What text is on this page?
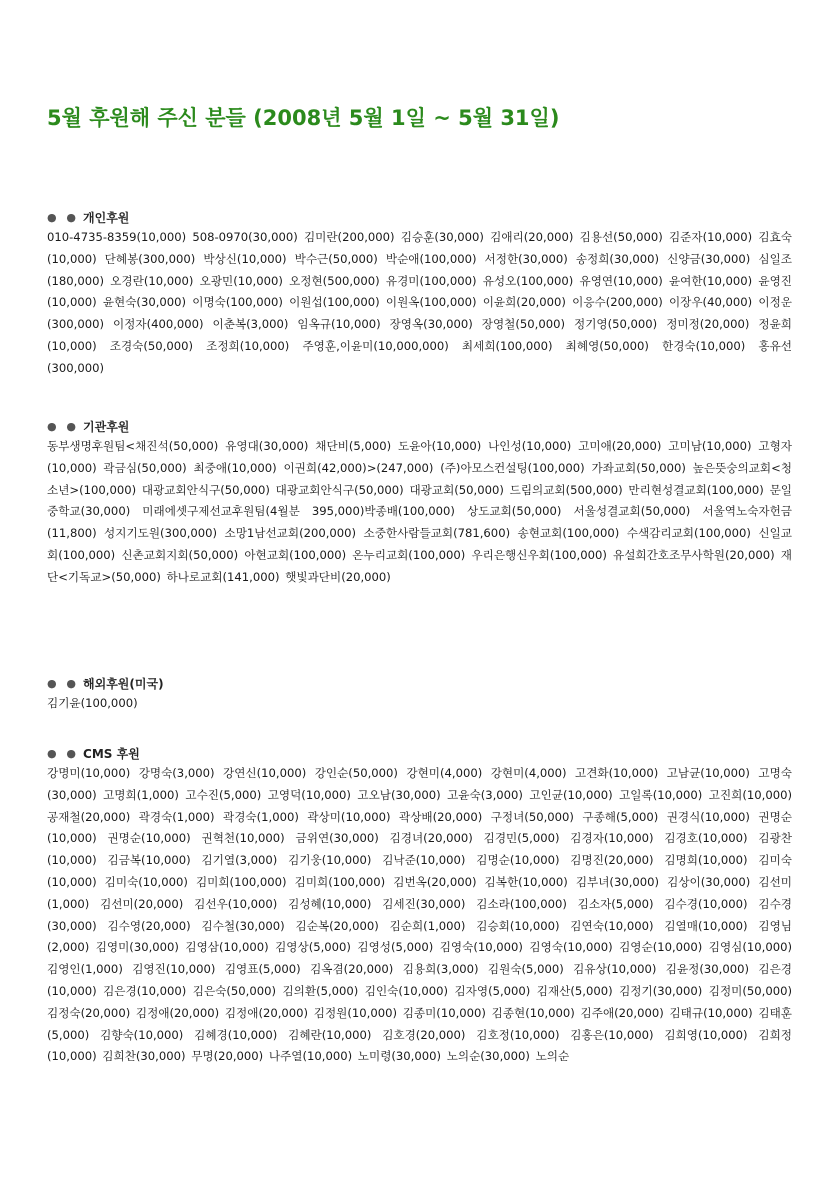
5월 후원해 주신 분들 (2008년 5월 1일 ~ 5월 31일)
● ● 개인후원
010-4735-8359(10,000) 508-0970(30,000) 김미란(200,000) 김승훈(30,000) 김애리(20,000) 김용선(50,000) 김준자(10,000) 김효숙(10,000) 단혜봉(300,000) 박상신(10,000) 박수근(50,000) 박순애(100,000) 서정한(30,000) 송정희(30,000) 신양금(30,000) 심일조(180,000) 오경란(10,000) 오광민(10,000) 오정현(500,000) 유경미(100,000) 유성오(100,000) 유영연(10,000) 윤여한(10,000) 윤영진(10,000) 윤현숙(30,000) 이명숙(100,000) 이원섭(100,000) 이원옥(100,000) 이윤희(20,000) 이응수(200,000) 이장우(40,000) 이정운(300,000) 이정자(400,000) 이춘복(3,000) 임옥규(10,000) 장영옥(30,000) 장영철(50,000) 정기영(50,000) 정미정(20,000) 정윤희(10,000) 조경숙(50,000) 조정희(10,000) 주영훈,이윤미(10,000,000) 최세희(100,000) 최혜영(50,000) 한경숙(10,000) 홍유선(300,000)
● ● 기관후원
동부생명후원팀<채진석(50,000) 유영대(30,000) 채단비(5,000) 도윤아(10,000) 나인성(10,000) 고미애(20,000) 고미남(10,000) 고형자(10,000) 곽금심(50,000) 최중애(10,000) 이권희(42,000)>(247,000) (주)아모스컨설팅(100,000) 가좌교회(50,000) 높은뜻숭의교회<청소년>(100,000) 대광교회안식구(50,000) 대광교회안식구(50,000) 대광교회(50,000) 드림의교회(500,000) 만리현성결교회(100,000) 문일중학교(30,000) 미래에셋구제선교후원팀(4월분 395,000)박종배(100,000) 상도교회(50,000) 서울성결교회(50,000) 서울역노숙자헌금(11,800) 성지기도원(300,000) 소망1남선교회(200,000) 소중한사람들교회(781,600) 송현교회(100,000) 수색감리교회(100,000) 신일교회(100,000) 신촌교회지회(50,000) 아현교회(100,000) 온누리교회(100,000) 우리은행신우회(100,000) 유설희간호조무사학원(20,000) 재단<기독교>(50,000) 하나로교회(141,000) 햇빛과단비(20,000)
● ● 해외후원(미국)
김기윤(100,000)
● ● CMS 후원
강명미(10,000) 강명숙(3,000) 강연신(10,000) 강인순(50,000) 강현미(4,000) 강현미(4,000) 고견화(10,000) 고남균(10,000) 고명숙(30,000) 고명희(1,000) 고수진(5,000) 고영덕(10,000) 고오남(30,000) 고윤숙(3,000) 고인균(10,000) 고일록(10,000) 고진희(10,000) 공재철(20,000) 곽경숙(1,000) 곽경숙(1,000) 곽상미(10,000) 곽상배(20,000) 구정녀(50,000) 구종해(5,000) 권경식(10,000) 권명순(10,000) 권명순(10,000) 권혁천(10,000) 금위연(30,000) 김경녀(20,000) 김경민(5,000) 김경자(10,000) 김경호(10,000) 김광찬(10,000) 김금복(10,000) 김기열(3,000) 김기웅(10,000) 김낙준(10,000) 김명순(10,000) 김명진(20,000) 김명희(10,000) 김미숙(10,000) 김미숙(10,000) 김미희(100,000) 김미희(100,000) 김번옥(20,000) 김복한(10,000) 김부녀(30,000) 김상이(30,000) 김선미(1,000) 김선미(20,000) 김선우(10,000) 김성혜(10,000) 김세진(30,000) 김소라(100,000) 김소자(5,000) 김수경(10,000) 김수경(30,000) 김수영(20,000) 김수철(30,000) 김순복(20,000) 김순희(1,000) 김승회(10,000) 김연숙(10,000) 김열매(10,000) 김영님(2,000) 김영미(30,000) 김영삼(10,000) 김영상(5,000) 김영성(5,000) 김영숙(10,000) 김영숙(10,000) 김영순(10,000) 김영심(10,000) 김영인(1,000) 김영진(10,000) 김영표(5,000) 김옥겸(20,000) 김용희(3,000) 김원숙(5,000) 김유상(10,000) 김윤정(30,000) 김은경(10,000) 김은경(10,000) 김은숙(50,000) 김의환(5,000) 김인숙(10,000) 김자영(5,000) 김재산(5,000) 김정기(30,000) 김정미(50,000) 김정숙(20,000) 김정애(20,000) 김정애(20,000) 김정원(10,000) 김종미(10,000) 김종현(10,000) 김주애(20,000) 김태규(10,000) 김태훈(5,000) 김향숙(10,000) 김혜경(10,000) 김혜란(10,000) 김호경(20,000) 김호정(10,000) 김홍은(10,000) 김희영(10,000) 김희정(10,000) 김희찬(30,000) 무명(20,000) 나주열(10,000) 노미령(30,000) 노의순(30,000) 노의순
